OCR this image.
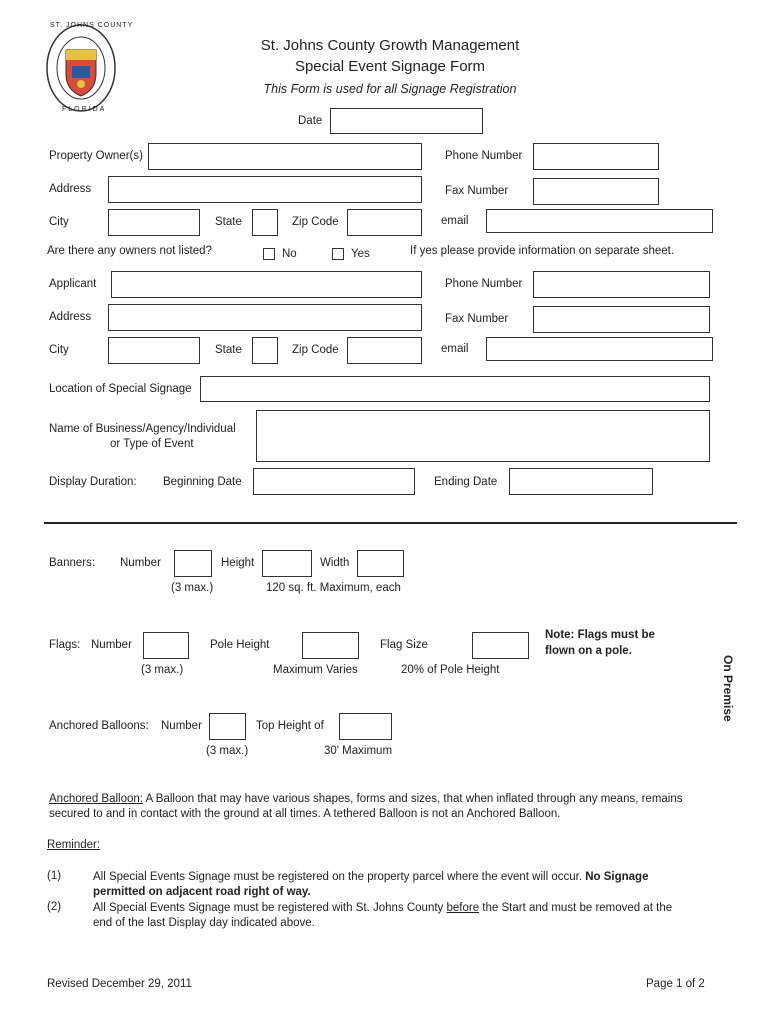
ST. JOHNS COUNTY
FLORIDA
St. Johns County Growth Management
Special Event Signage Form
This Form is used for all Signage Registration
Date
Property Owner(s)	Phone Number
Address	Fax Number
City	State	Zip Code	email
Are there any owners not listed?	No	Yes	If yes please provide information on separate sheet.
Applicant	Phone Number
Address	Fax Number
City	State	Zip Code	email
Location of Special Signage
Name of Business/Agency/Individual
or Type of Event
Display Duration: Beginning Date	Ending Date
Banners: Number	Height	Width
(3 max.)	120 sq. ft. Maximum, each
Flags: Number	Pole Height	Flag Size
Note: Flags must be
flown on a pole.
(3 max.)	Maximum Varies	20% of Pole Height	On Premise
Anchored Balloons: Number	Top Height of
(3 max.)	30' Maximum
Anchored Balloon: A Balloon that may have various shapes, forms and sizes, that when inflated through any means, remains secured to and in contact with the ground at all times. A tethered Balloon is not an Anchored Balloon.
Reminder:
(1)	All Special Events Signage must be registered on the property parcel where the event will occur. No Signage permitted on adjacent road right of way.
(2)	All Special Events Signage must be registered with St. Johns County before the Start and must be removed at the end of the last Display day indicated above.
Revised December 29, 2011	Page 1 of 2
